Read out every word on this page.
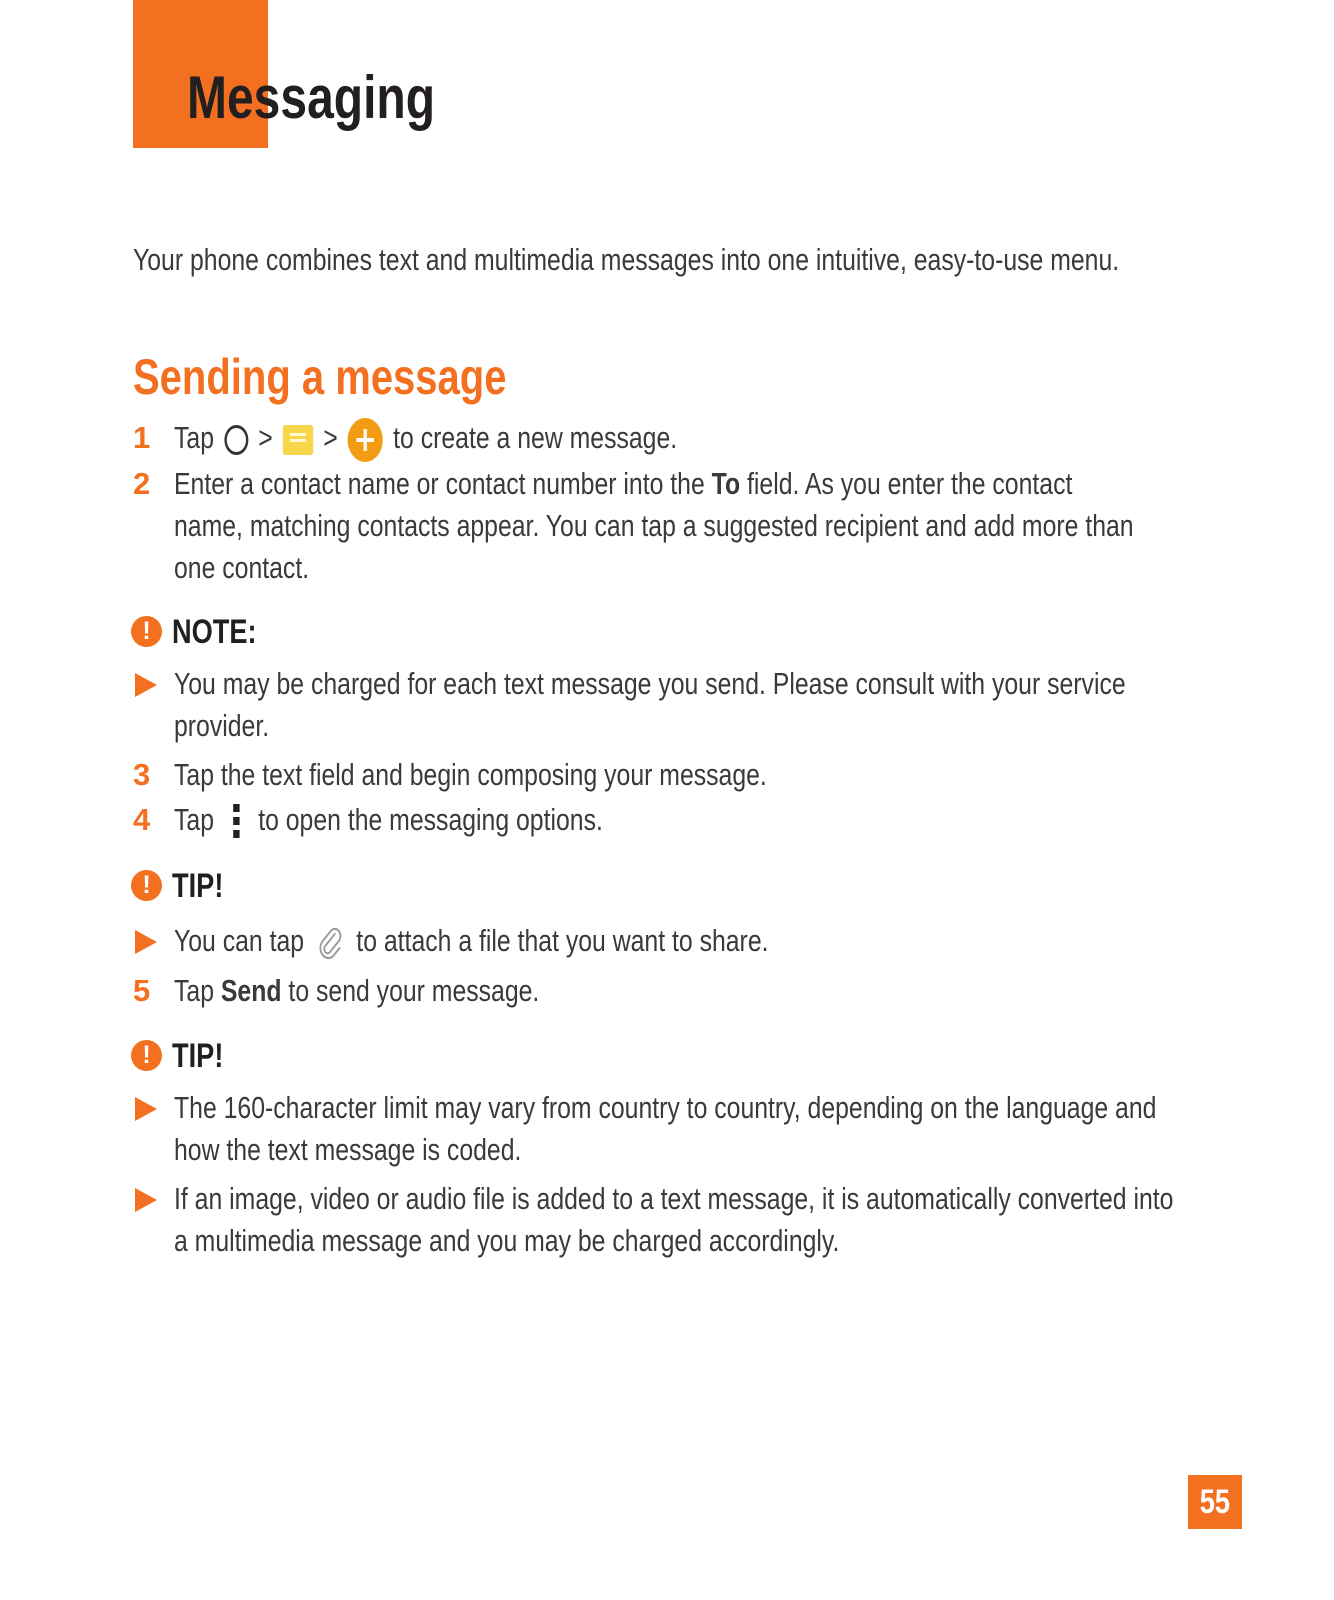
Messaging
Your phone combines text and multimedia messages into one intuitive, easy-to-use menu.
Sending a message
1 Tap > > to create a new message.
2 Enter a contact name or contact number into the To field. As you enter the contact
name, matching contacts appear. You can tap a suggested recipient and add more than
one contact.
! NOTE:
You may be charged for each text message you send. Please consult with your service
provider.
3 Tap the text field and begin composing your message.
4 Tap to open the messaging options.
! TIP!
You can tap to attach a file that you want to share.
5 Tap Send to send your message.
! TIP!
The 160-character limit may vary from country to country, depending on the language and
how the text message is coded.
If an image, video or audio file is added to a text message, it is automatically converted into
a multimedia message and you may be charged accordingly.
55
